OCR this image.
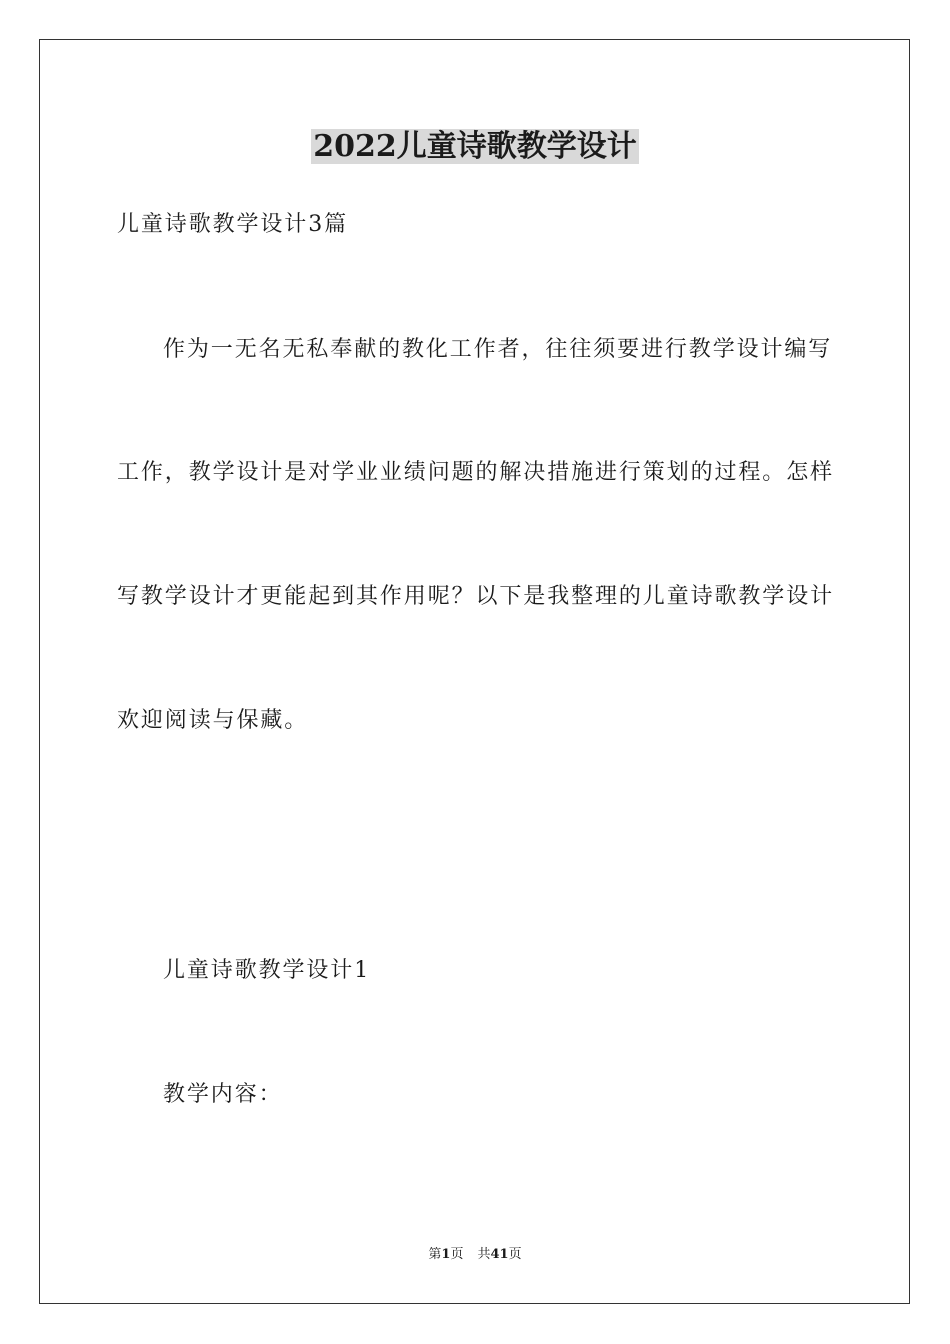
2022儿童诗歌教学设计
儿童诗歌教学设计3篇
作为一无名无私奉献的教化工作者，往往须要进行教学设计编写
工作，教学设计是对学业业绩问题的解决措施进行策划的过程。怎样
写教学设计才更能起到其作用呢？以下是我整理的儿童诗歌教学设计
欢迎阅读与保藏。
儿童诗歌教学设计1
教学内容：
第1页 共41页
